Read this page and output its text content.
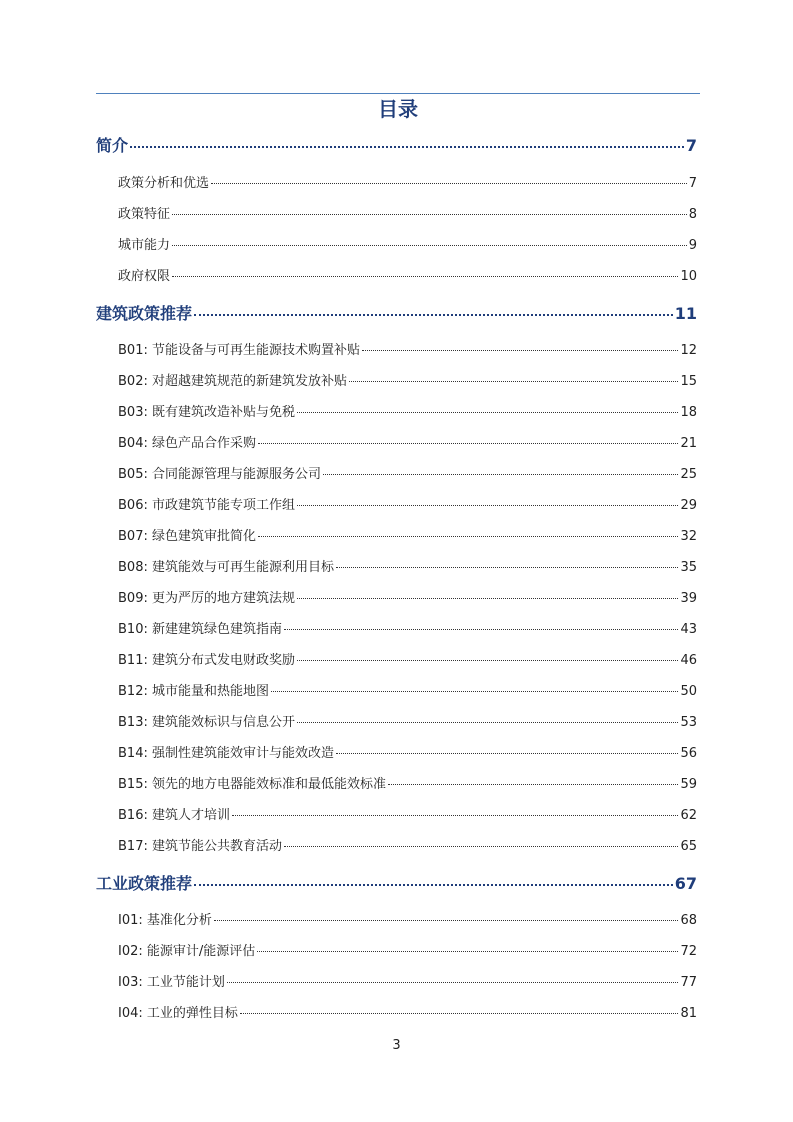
目录
简介	7
政策分析和优选	7
政策特征	8
城市能力	9
政府权限	10
建筑政策推荐	11
B01: 节能设备与可再生能源技术购置补贴	12
B02: 对超越建筑规范的新建筑发放补贴	15
B03: 既有建筑改造补贴与免税	18
B04: 绿色产品合作采购	21
B05: 合同能源管理与能源服务公司	25
B06: 市政建筑节能专项工作组	29
B07: 绿色建筑审批简化	32
B08: 建筑能效与可再生能源利用目标	35
B09: 更为严厉的地方建筑法规	39
B10: 新建建筑绿色建筑指南	43
B11: 建筑分布式发电财政奖励	46
B12: 城市能量和热能地图	50
B13: 建筑能效标识与信息公开	53
B14: 强制性建筑能效审计与能效改造	56
B15: 领先的地方电器能效标准和最低能效标准	59
B16: 建筑人才培训	62
B17: 建筑节能公共教育活动	65
工业政策推荐	67
I01: 基准化分析	68
I02: 能源审计/能源评估	72
I03: 工业节能计划	77
I04: 工业的弹性目标	81
3
